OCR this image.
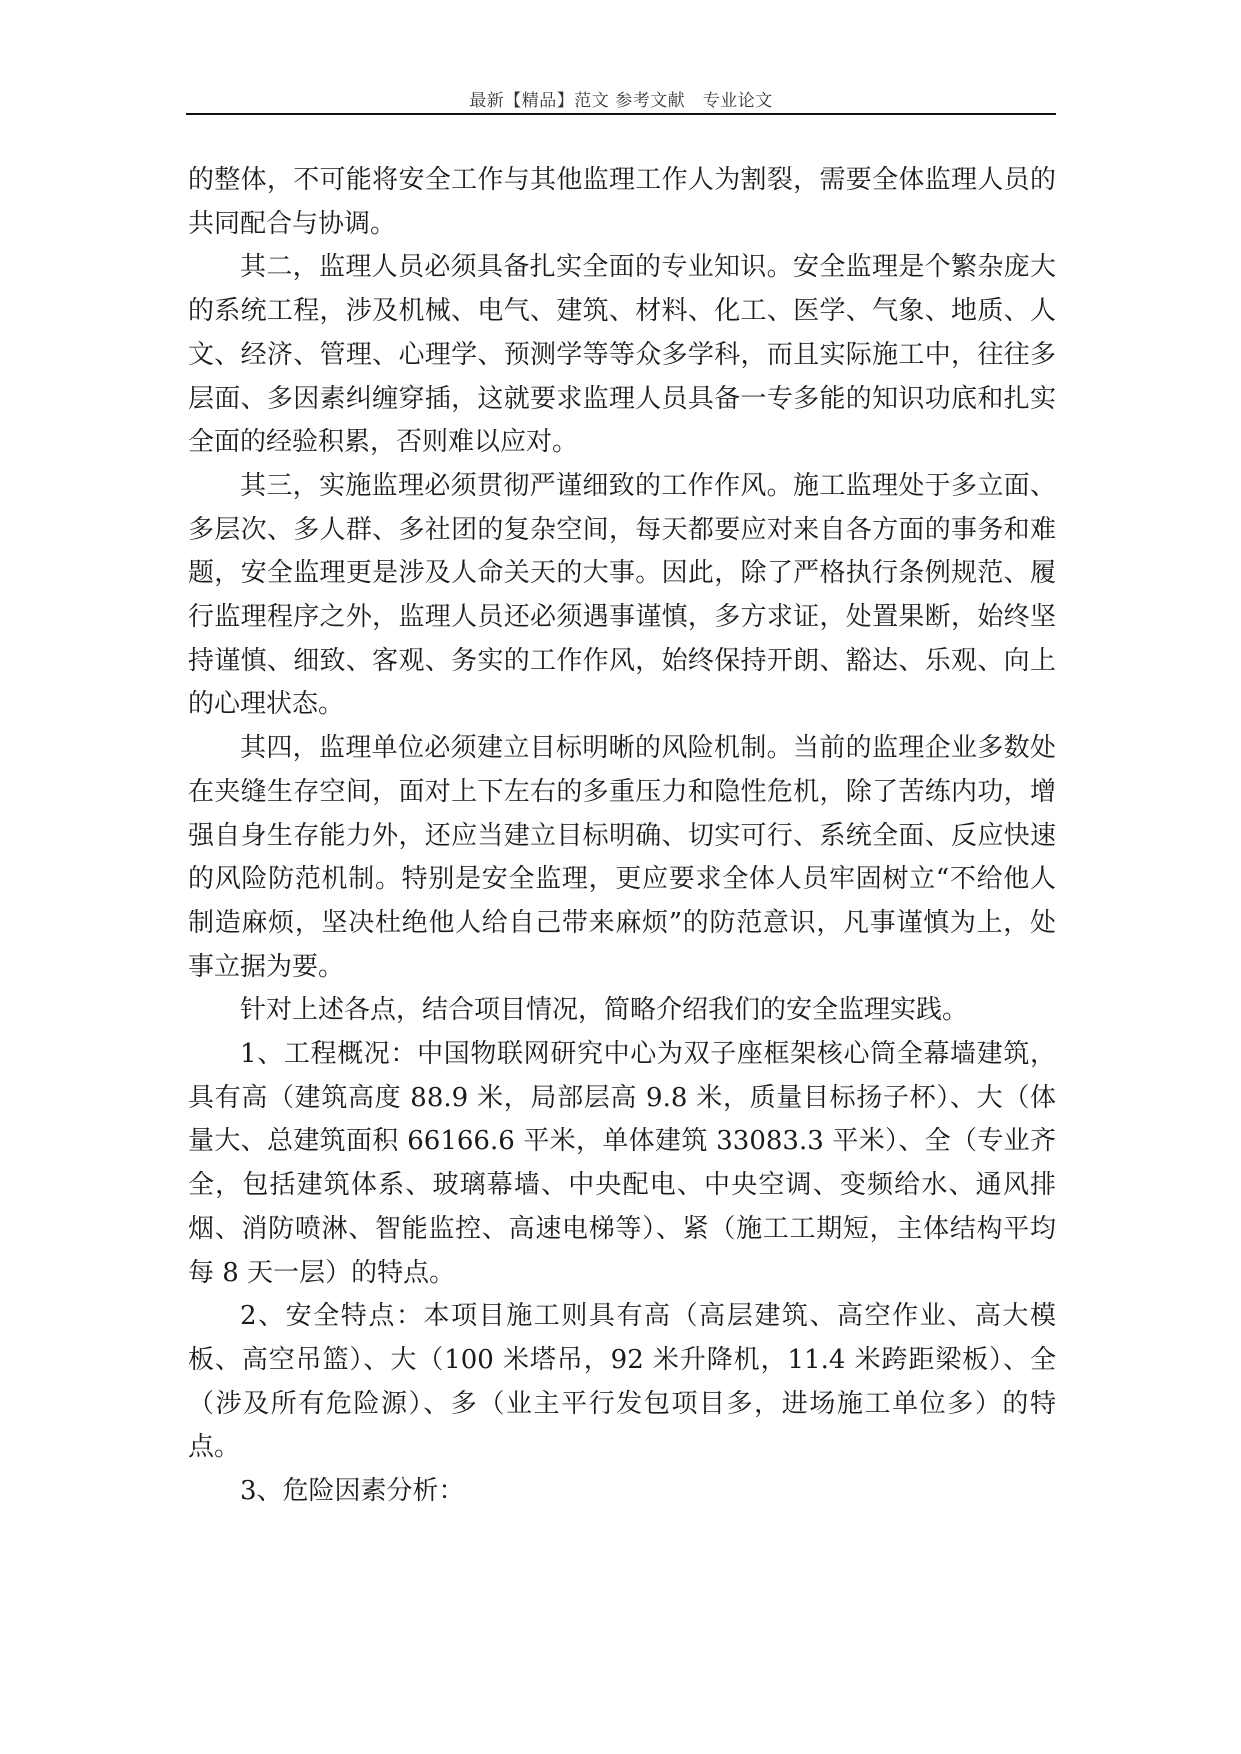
最新【精品】范文 参考文献　专业论文

的整体，不可能将安全工作与其他监理工作人为割裂，需要全体监理人员的共同配合与协调。

其二，监理人员必须具备扎实全面的专业知识。安全监理是个繁杂庞大的系统工程，涉及机械、电气、建筑、材料、化工、医学、气象、地质、人文、经济、管理、心理学、预测学等等众多学科，而且实际施工中，往往多层面、多因素纠缠穿插，这就要求监理人员具备一专多能的知识功底和扎实全面的经验积累，否则难以应对。

其三，实施监理必须贯彻严谨细致的工作作风。施工监理处于多立面、多层次、多人群、多社团的复杂空间，每天都要应对来自各方面的事务和难题，安全监理更是涉及人命关天的大事。因此，除了严格执行条例规范、履行监理程序之外，监理人员还必须遇事谨慎，多方求证，处置果断，始终坚持谨慎、细致、客观、务实的工作作风，始终保持开朗、豁达、乐观、向上的心理状态。

其四，监理单位必须建立目标明晰的风险机制。当前的监理企业多数处在夹缝生存空间，面对上下左右的多重压力和隐性危机，除了苦练内功，增强自身生存能力外，还应当建立目标明确、切实可行、系统全面、反应快速的风险防范机制。特别是安全监理，更应要求全体人员牢固树立“不给他人制造麻烦，坚决杜绝他人给自己带来麻烦”的防范意识，凡事谨慎为上，处事立据为要。

针对上述各点，结合项目情况，简略介绍我们的安全监理实践。

1、工程概况：中国物联网研究中心为双子座框架核心筒全幕墙建筑，具有高（建筑高度 88.9 米，局部层高 9.8 米，质量目标扬子杯）、大（体量大、总建筑面积 66166.6 平米，单体建筑 33083.3 平米）、全（专业齐全，包括建筑体系、玻璃幕墙、中央配电、中央空调、变频给水、通风排烟、消防喷淋、智能监控、高速电梯等）、紧（施工工期短，主体结构平均每 8 天一层）的特点。

2、安全特点：本项目施工则具有高（高层建筑、高空作业、高大模板、高空吊篮）、大（100 米塔吊，92 米升降机，11.4 米跨距梁板）、全（涉及所有危险源）、多（业主平行发包项目多，进场施工单位多）的特点。

3、危险因素分析：
